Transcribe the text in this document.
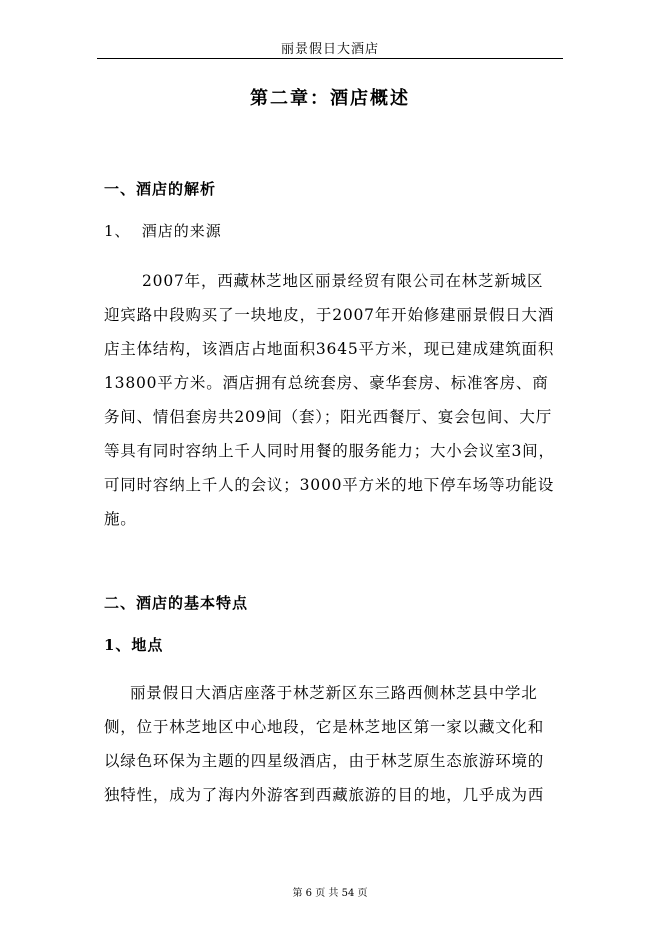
丽景假日大酒店
第二章：酒店概述
一、酒店的解析
1、 酒店的来源
2007年，西藏林芝地区丽景经贸有限公司在林芝新城区
迎宾路中段购买了一块地皮，于2007年开始修建丽景假日大酒
店主体结构，该酒店占地面积3645平方米，现已建成建筑面积
13800平方米。酒店拥有总统套房、豪华套房、标准客房、商
务间、情侣套房共209间（套）；阳光西餐厅、宴会包间、大厅
等具有同时容纳上千人同时用餐的服务能力；大小会议室3间，
可同时容纳上千人的会议；3000平方米的地下停车场等功能设
施。
二、酒店的基本特点
1、地点
丽景假日大酒店座落于林芝新区东三路西侧林芝县中学北
侧，位于林芝地区中心地段，它是林芝地区第一家以藏文化和
以绿色环保为主题的四星级酒店，由于林芝原生态旅游环境的
独特性，成为了海内外游客到西藏旅游的目的地，几乎成为西
第 6 页 共 54 页
